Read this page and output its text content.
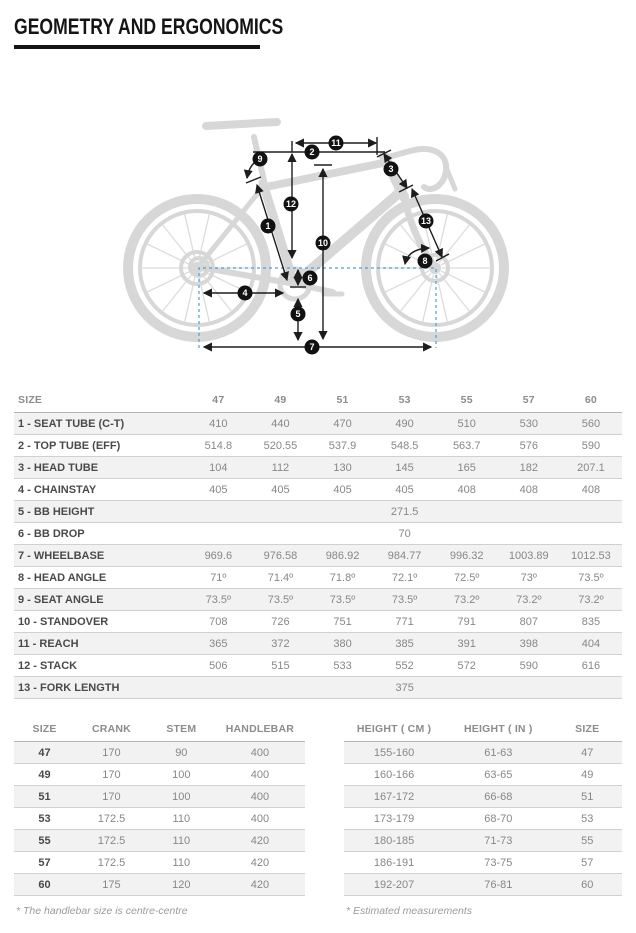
GEOMETRY AND ERGONOMICS
1
2
3
4
5
6
7
8
9
10
11
12
13
SIZE	47	49	51	53	55	57	60
1 - SEAT TUBE (C-T)	410	440	470	490	510	530	560
2 - TOP TUBE (EFF)	514.8	520.55	537.9	548.5	563.7	576	590
3 - HEAD TUBE	104	112	130	145	165	182	207.1
4 - CHAINSTAY	405	405	405	405	408	408	408
5 - BB HEIGHT	271.5						
6 - BB DROP	70						
7 - WHEELBASE	969.6	976.58	986.92	984.77	996.32	1003.89	1012.53
8 - HEAD ANGLE	71º	71.4º	71.8º	72.1º	72.5º	73º	73.5º
9 - SEAT ANGLE	73.5º	73.5º	73.5º	73.5º	73.2º	73.2º	73.2º
10 - STANDOVER	708	726	751	771	791	807	835
11 - REACH	365	372	380	385	391	398	404
12 - STACK	506	515	533	552	572	590	616
13 - FORK LENGTH	375						
SIZE	CRANK	STEM	HANDLEBAR
47	170	90	400
49	170	100	400
51	170	100	400
53	172.5	110	400
55	172.5	110	420
57	172.5	110	420
60	175	120	420
* The handlebar size is centre-centre
HEIGHT ( CM )	HEIGHT ( IN )	SIZE
155-160	61-63	47
160-166	63-65	49
167-172	66-68	51
173-179	68-70	53
180-185	71-73	55
186-191	73-75	57
192-207	76-81	60
* Estimated measurements
